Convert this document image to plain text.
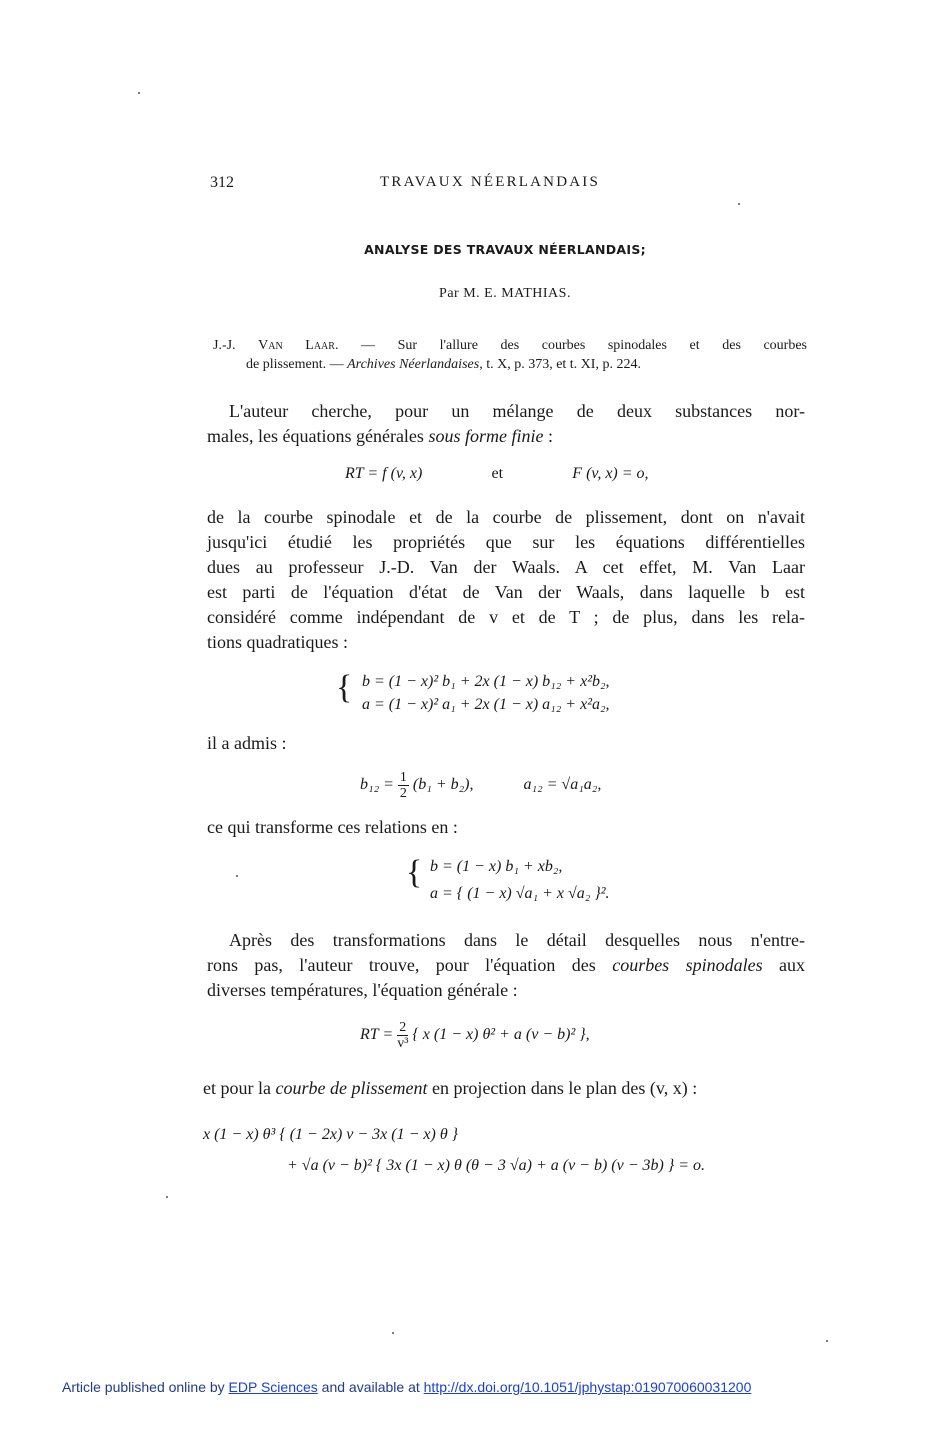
312	TRAVAUX NÉERLANDAIS
ANALYSE DES TRAVAUX NÉERLANDAIS;
Par M. E. MATHIAS.
J.-J. Van Laar. — Sur l'allure des courbes spinodales et des courbes
de plissement. — Archives Néerlandaises, t. X, p. 373, et t. XI, p. 224.
L'auteur cherche, pour un mélange de deux substances nor-
males, les équations générales sous forme finie :
RT = f (v, x)	et	F (v, x) = o,
de la courbe spinodale et de la courbe de plissement, dont on n'avait
jusqu'ici étudié les propriétés que sur les équations différentielles
dues au professeur J.-D. Van der Waals. A cet effet, M. Van Laar
est parti de l'équation d'état de Van der Waals, dans laquelle b est
considéré comme indépendant de v et de T ; de plus, dans les rela-
tions quadratiques :
{ b = (1 − x)² b₁ + 2x (1 − x) b₁₂ + x²b₂,
a = (1 − x)² a₁ + 2x (1 − x) a₁₂ + x²a₂,
il a admis :
$b_{12} = \frac{1}{2} (b_1 + b_2)$,	a₁₂ = √a₁a₂,
ce qui transforme ces relations en :
{ b = (1 − x) b₁ + xb₂,
a = { (1 − x) √a₁ + x √a₂ }².
Après des transformations dans le détail desquelles nous n'entre-
rons pas, l'auteur trouve, pour l'équation des courbes spinodales aux
diverses températures, l'équation générale :
RT = $\frac{2}{\text{v³}}$ { x (1 − x) θ² + a (v − b)² },
et pour la courbe de plissement en projection dans le plan des (v, x) :
x (1 − x) θ³ { (1 − 2x) v − 3x (1 − x) θ }
+ √a (v − b)² { 3x (1 − x) θ (θ − 3 √a) + a (v − b) (v − 3b) } = o.
Article published online by EDP Sciences and available at http://dx.doi.org/10.1051/jphystap:019070060031200
